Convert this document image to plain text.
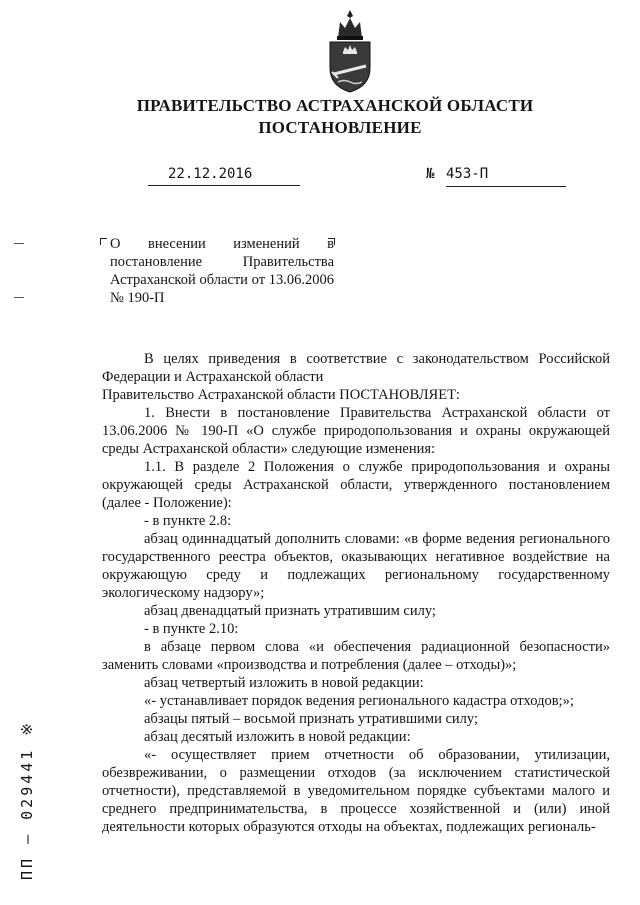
ПРАВИТЕЛЬСТВО АСТРАХАНСКОЙ ОБЛАСТИ
ПОСТАНОВЛЕНИЕ
22.12.2016	№ 453-П
О внесении изменений в постановление Правительства Астраханской области от 13.06.2006 № 190-П

В целях приведения в соответствие с законодательством Российской Федерации и Астраханской области

Правительство Астраханской области ПОСТАНОВЛЯЕТ:

1. Внести в постановление Правительства Астраханской области от 13.06.2006 № 190-П «О службе природопользования и охраны окружающей среды Астраханской области» следующие изменения:

1.1. В разделе 2 Положения о службе природопользования и охраны окружающей среды Астраханской области, утвержденного постановлением (далее - Положение):

- в пункте 2.8:

абзац одиннадцатый дополнить словами: «в форме ведения регионального государственного реестра объектов, оказывающих негативное воздействие на окружающую среду и подлежащих региональному государственному экологическому надзору»;

абзац двенадцатый признать утратившим силу;

- в пункте 2.10:

в абзаце первом слова «и обеспечения радиационной безопасности» заменить словами «производства и потребления (далее – отходы)»;

абзац четвертый изложить в новой редакции:

«- устанавливает порядок ведения регионального кадастра отходов;»;

абзацы пятый – восьмой признать утратившими силу;

абзац десятый изложить в новой редакции:

«- осуществляет прием отчетности об образовании, утилизации, обезвреживании, о размещении отходов (за исключением статистической отчетности), представляемой в уведомительном порядке субъектами малого и среднего предпринимательства, в процессе хозяйственной и (или) иной деятельности которых образуются отходы на объектах, подлежащих региональ-

ПП – 029441 ※
